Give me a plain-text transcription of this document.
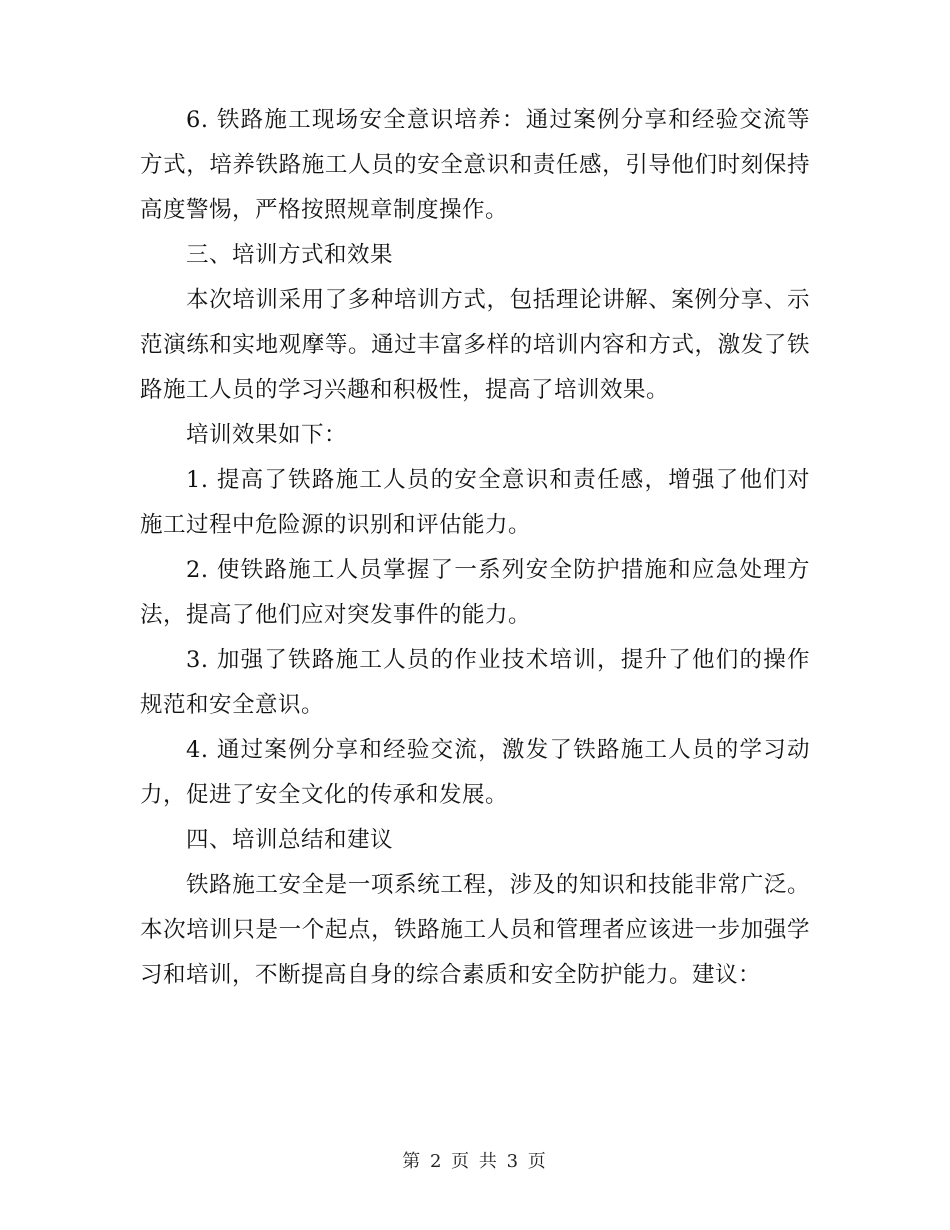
6. 铁路施工现场安全意识培养：通过案例分享和经验交流等方式，培养铁路施工人员的安全意识和责任感，引导他们时刻保持高度警惕，严格按照规章制度操作。

三、培训方式和效果

本次培训采用了多种培训方式，包括理论讲解、案例分享、示范演练和实地观摩等。通过丰富多样的培训内容和方式，激发了铁路施工人员的学习兴趣和积极性，提高了培训效果。

培训效果如下：

1. 提高了铁路施工人员的安全意识和责任感，增强了他们对施工过程中危险源的识别和评估能力。

2. 使铁路施工人员掌握了一系列安全防护措施和应急处理方法，提高了他们应对突发事件的能力。

3. 加强了铁路施工人员的作业技术培训，提升了他们的操作规范和安全意识。

4. 通过案例分享和经验交流，激发了铁路施工人员的学习动力，促进了安全文化的传承和发展。

四、培训总结和建议

铁路施工安全是一项系统工程，涉及的知识和技能非常广泛。本次培训只是一个起点，铁路施工人员和管理者应该进一步加强学习和培训，不断提高自身的综合素质和安全防护能力。建议：

第 2 页 共 3 页
